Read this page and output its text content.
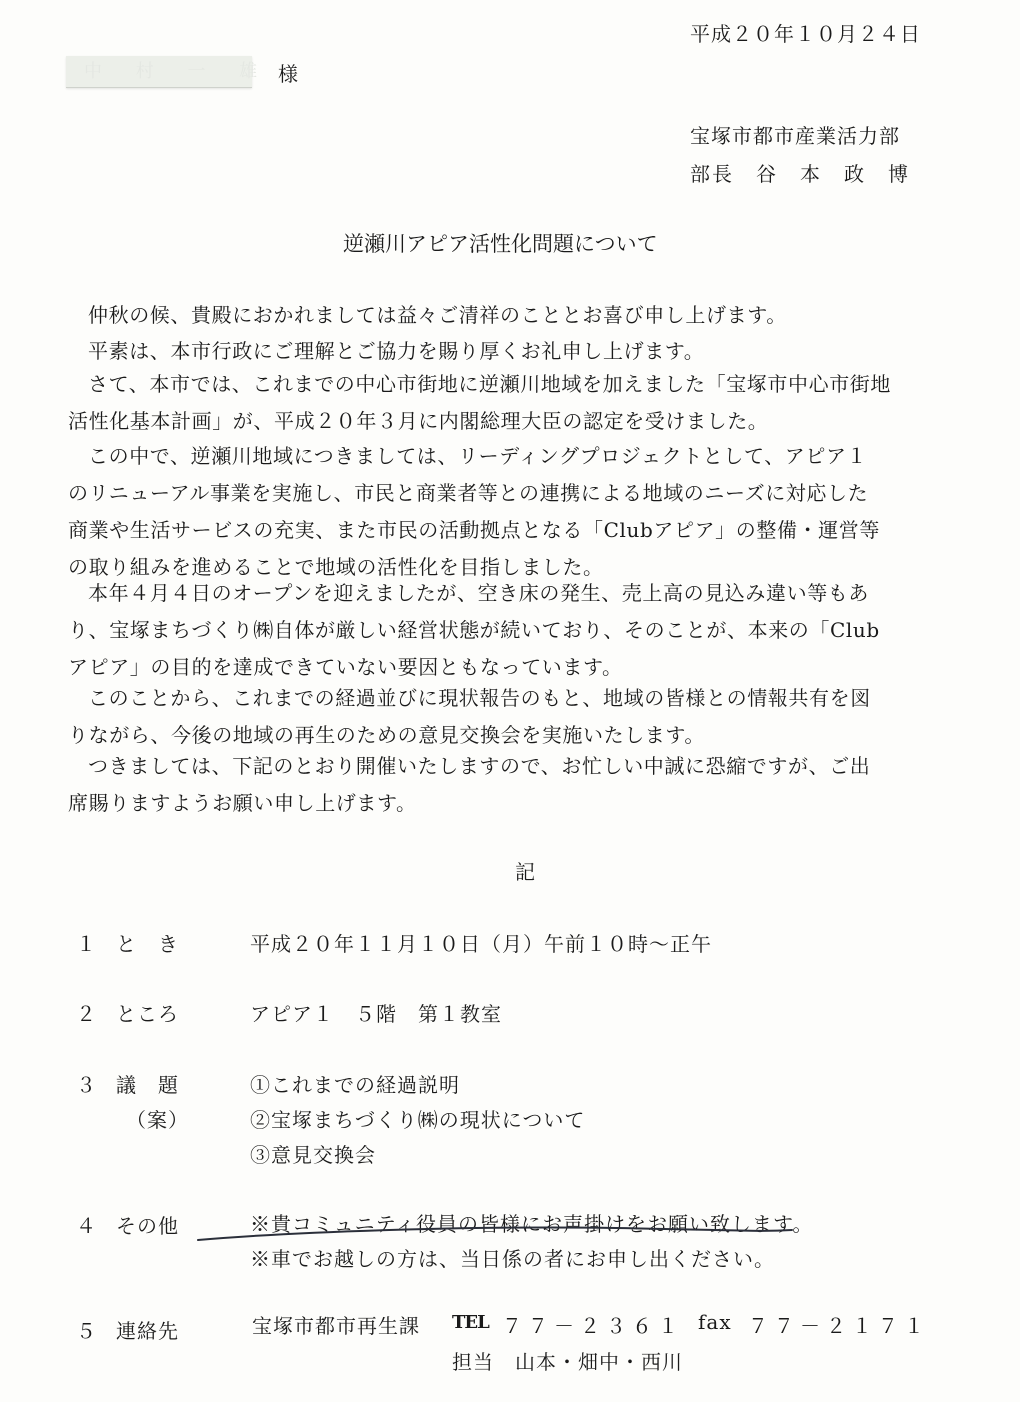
平成２０年１０月２４日
中 村 一 雄 様
宝塚市都市産業活力部
部長　谷　本　政　博
逆瀬川アピア活性化問題について
仲秋の候、貴殿におかれましては益々ご清祥のこととお喜び申し上げます。
平素は、本市行政にご理解とご協力を賜り厚くお礼申し上げます。
さて、本市では、これまでの中心市街地に逆瀬川地域を加えました「宝塚市中心市街地
活性化基本計画」が、平成２０年３月に内閣総理大臣の認定を受けました。
この中で、逆瀬川地域につきましては、リーディングプロジェクトとして、アピア１
のリニューアル事業を実施し、市民と商業者等との連携による地域のニーズに対応した
商業や生活サービスの充実、また市民の活動拠点となる「Clubアピア」の整備・運営等
の取り組みを進めることで地域の活性化を目指しました。
本年４月４日のオープンを迎えましたが、空き床の発生、売上高の見込み違い等もあ
り、宝塚まちづくり㈱自体が厳しい経営状態が続いており、そのことが、本来の「Club
アピア」の目的を達成できていない要因ともなっています。
このことから、これまでの経過並びに現状報告のもと、地域の皆様との情報共有を図
りながら、今後の地域の再生のための意見交換会を実施いたします。
つきましては、下記のとおり開催いたしますので、お忙しい中誠に恐縮ですが、ご出
席賜りますようお願い申し上げます。
記
１ と　き	平成２０年１１月１０日（月）午前１０時～正午
２ ところ	アピア１　５階　第１教室
３ 議　題
（案）
①これまでの経過説明
②宝塚まちづくり㈱の現状について
③意見交換会
４ その他	※貴コミュニティ役員の皆様にお声掛けをお願い致します。
※車でお越しの方は、当日係の者にお申し出ください。
５ 連絡先	宝塚市都市再生課 TEL ７７－２３６１ fax ７７－２１７１
担当　山本・畑中・西川
